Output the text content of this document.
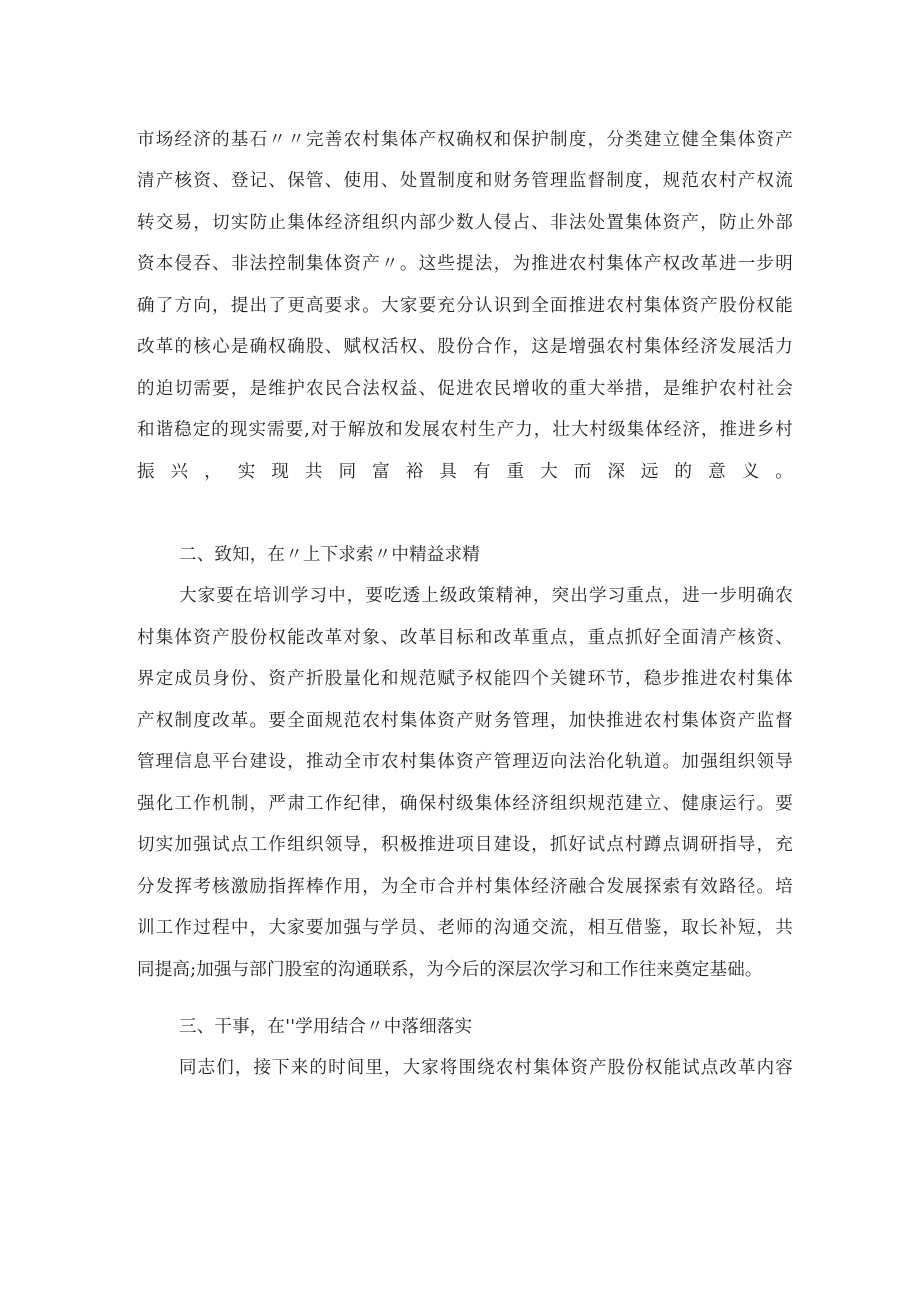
市场经济的基石〃〃完善农村集体产权确权和保护制度，分类建立健全集体资产
清产核资、登记、保管、使用、处置制度和财务管理监督制度，规范农村产权流
转交易，切实防止集体经济组织内部少数人侵占、非法处置集体资产，防止外部
资本侵吞、非法控制集体资产〃。这些提法，为推进农村集体产权改革进一步明
确了方向，提出了更高要求。大家要充分认识到全面推进农村集体资产股份权能
改革的核心是确权确股、赋权活权、股份合作，这是增强农村集体经济发展活力
的迫切需要，是维护农民合法权益、促进农民增收的重大举措，是维护农村社会
和谐稳定的现实需要,对于解放和发展农村生产力，壮大村级集体经济，推进乡村
振兴，实现共同富裕具有重大而深远的意义。
二、致知，在〃上下求索〃中精益求精
大家要在培训学习中，要吃透上级政策精神，突出学习重点，进一步明确农
村集体资产股份权能改革对象、改革目标和改革重点，重点抓好全面清产核资、
界定成员身份、资产折股量化和规范赋予权能四个关键环节，稳步推进农村集体
产权制度改革。要全面规范农村集体资产财务管理，加快推进农村集体资产监督
管理信息平台建设，推动全市农村集体资产管理迈向法治化轨道。加强组织领导
强化工作机制，严肃工作纪律，确保村级集体经济组织规范建立、健康运行。要
切实加强试点工作组织领导，积极推进项目建设，抓好试点村蹲点调研指导，充
分发挥考核激励指挥棒作用，为全市合并村集体经济融合发展探索有效路径。培
训工作过程中，大家要加强与学员、老师的沟通交流，相互借鉴，取长补短，共
同提高;加强与部门股室的沟通联系，为今后的深层次学习和工作往来奠定基础。
三、干事，在''学用结合〃中落细落实
同志们，接下来的时间里，大家将围绕农村集体资产股份权能试点改革内容
